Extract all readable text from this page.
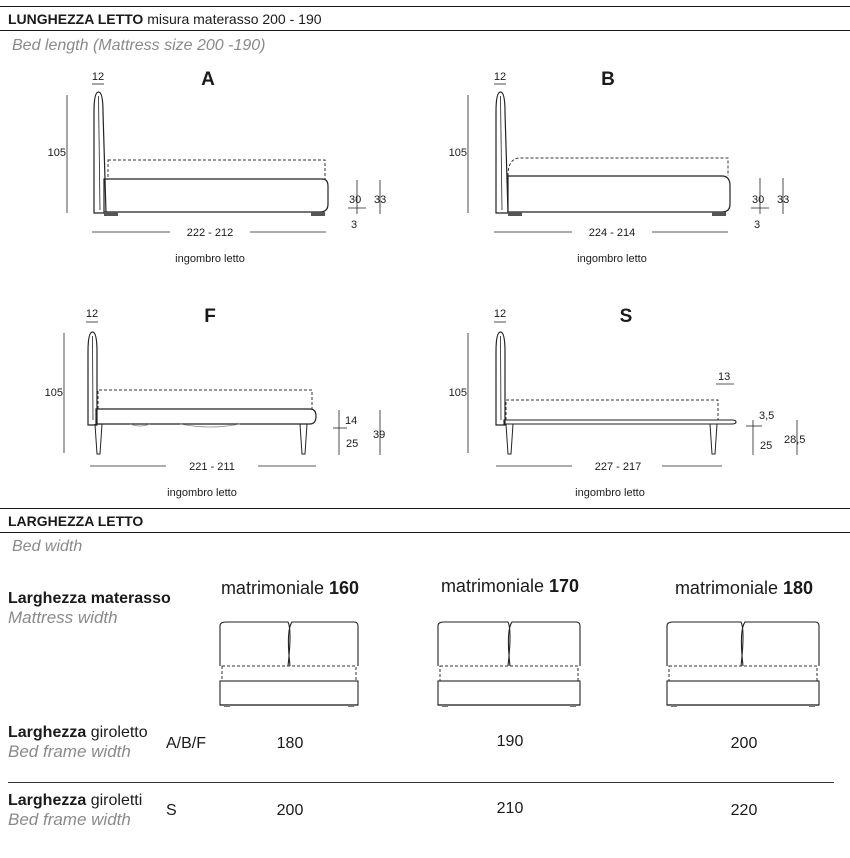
LUNGHEZZA LETTO misura materasso 200 - 190
Bed length (Mattress size 200 -190)
A
12
105
222 - 212
ingombro letto
30
3
33
B
12
105
224 - 214
ingombro letto
30
3
33
F
12
105
221 - 211
ingombro letto
14
25
39
S
12
105
227 - 217
ingombro letto
13
3,5
25 28,5
LARGHEZZA LETTO
Bed width
Larghezza materasso
Mattress width
matrimoniale 160	matrimoniale 170	matrimoniale 180
Larghezza giroletto
Bed frame width	A/B/F	180	190	200
Larghezza giroletti
Bed frame width	S	200	210	220
